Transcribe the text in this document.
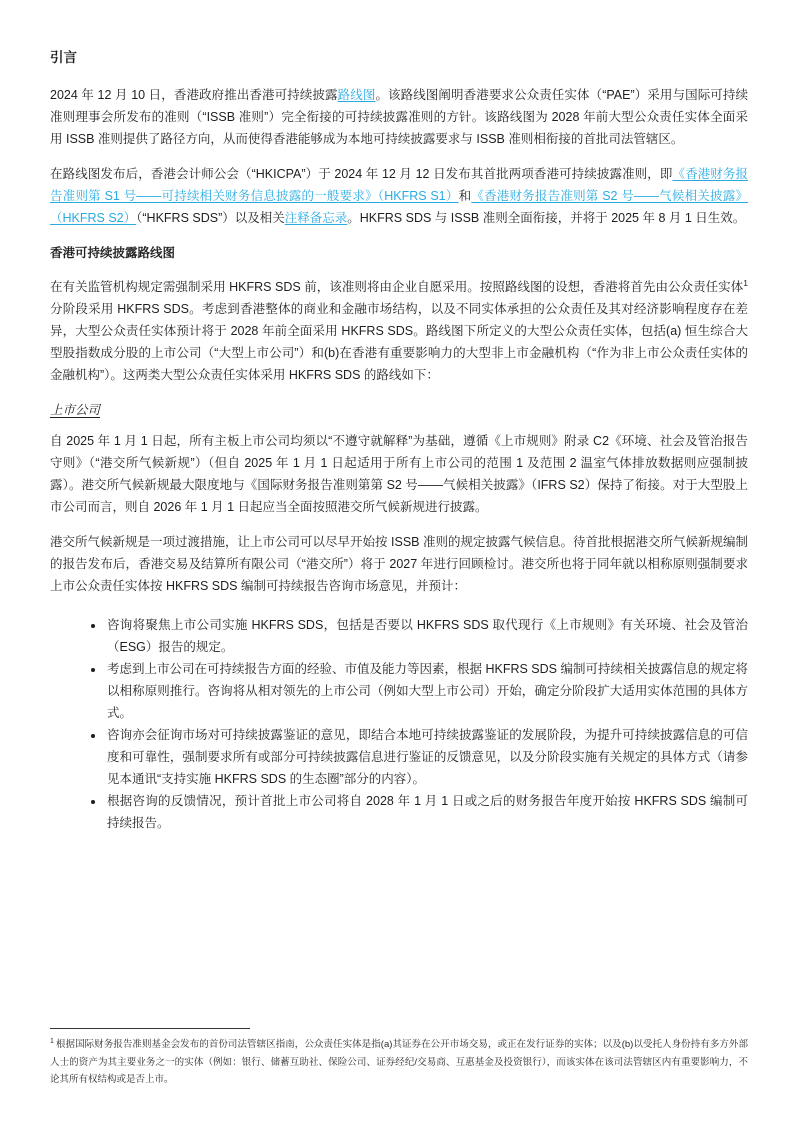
引言

2024 年 12 月 10 日，香港政府推出香港可持续披露路线图。该路线图阐明香港要求公众责任实体（“PAE”）采用与国际可持续准则理事会所发布的准则（“ISSB 准则”）完全衔接的可持续披露准则的方针。该路线图为 2028 年前大型公众责任实体全面采用 ISSB 准则提供了路径方向，从而使得香港能够成为本地可持续披露要求与 ISSB 准则相衔接的首批司法管辖区。

在路线图发布后，香港会计师公会（“HKICPA”）于 2024 年 12 月 12 日发布其首批两项香港可持续披露准则，即《香港财务报告准则第 S1 号——可持续相关财务信息披露的一般要求》（HKFRS S1）和《香港财务报告准则第 S2 号——气候相关披露》（HKFRS S2）（“HKFRS SDS”）以及相关注释备忘录。HKFRS SDS 与 ISSB 准则全面衔接，并将于 2025 年 8 月 1 日生效。

香港可持续披露路线图

在有关监管机构规定需强制采用 HKFRS SDS 前，该准则将由企业自愿采用。按照路线图的设想，香港将首先由公众责任实体$^1$分阶段采用 HKFRS SDS。考虑到香港整体的商业和金融市场结构，以及不同实体承担的公众责任及其对经济影响程度存在差异，大型公众责任实体预计将于 2028 年前全面采用 HKFRS SDS。路线图下所定义的大型公众责任实体，包括(a) 恒生综合大型股指数成分股的上市公司（“大型上市公司”）和(b)在香港有重要影响力的大型非上市金融机构（“作为非上市公众责任实体的金融机构”）。这两类大型公众责任实体采用 HKFRS SDS 的路线如下：

上市公司

自 2025 年 1 月 1 日起，所有主板上市公司均须以“不遵守就解释”为基础，遵循《上市规则》附录 C2《环境、社会及管治报告守则》（“港交所气候新规”）（但自 2025 年 1 月 1 日起适用于所有上市公司的范围 1 及范围 2 温室气体排放数据则应强制披露）。港交所气候新规最大限度地与《国际财务报告准则第第 S2 号——气候相关披露》（IFRS S2）保持了衔接。对于大型股上市公司而言，则自 2026 年 1 月 1 日起应当全面按照港交所气候新规进行披露。

港交所气候新规是一项过渡措施，让上市公司可以尽早开始按 ISSB 准则的规定披露气候信息。待首批根据港交所气候新规编制的报告发布后，香港交易及结算所有限公司（“港交所”）将于 2027 年进行回顾检讨。港交所也将于同年就以相称原则强制要求上市公众责任实体按 HKFRS SDS 编制可持续报告咨询市场意见，并预计：

• 咨询将聚焦上市公司实施 HKFRS SDS，包括是否要以 HKFRS SDS 取代现行《上市规则》有关环境、社会及管治（ESG）报告的规定。
• 考虑到上市公司在可持续报告方面的经验、市值及能力等因素，根据 HKFRS SDS 编制可持续相关披露信息的规定将以相称原则推行。咨询将从相对领先的上市公司（例如大型上市公司）开始，确定分阶段扩大适用实体范围的具体方式。
• 咨询亦会征询市场对可持续披露鉴证的意见，即结合本地可持续披露鉴证的发展阶段，为提升可持续披露信息的可信度和可靠性，强制要求所有或部分可持续披露信息进行鉴证的反馈意见，以及分阶段实施有关规定的具体方式（请参见本通讯“支持实施 HKFRS SDS 的生态圈”部分的内容）。
• 根据咨询的反馈情况，预计首批上市公司将自 2028 年 1 月 1 日或之后的财务报告年度开始按 HKFRS SDS 编制可持续报告。

$^1$ 根据国际财务报告准则基金会发布的首份司法管辖区指南，公众责任实体是指(a)其证券在公开市场交易，或正在发行证券的实体；以及(b)以受托人身份持有多方外部人士的资产为其主要业务之一的实体（例如：银行、储蓄互助社、保险公司、证券经纪/交易商、互惠基金及投资银行），而该实体在该司法管辖区内有重要影响力，不论其所有权结构或是否上市。
